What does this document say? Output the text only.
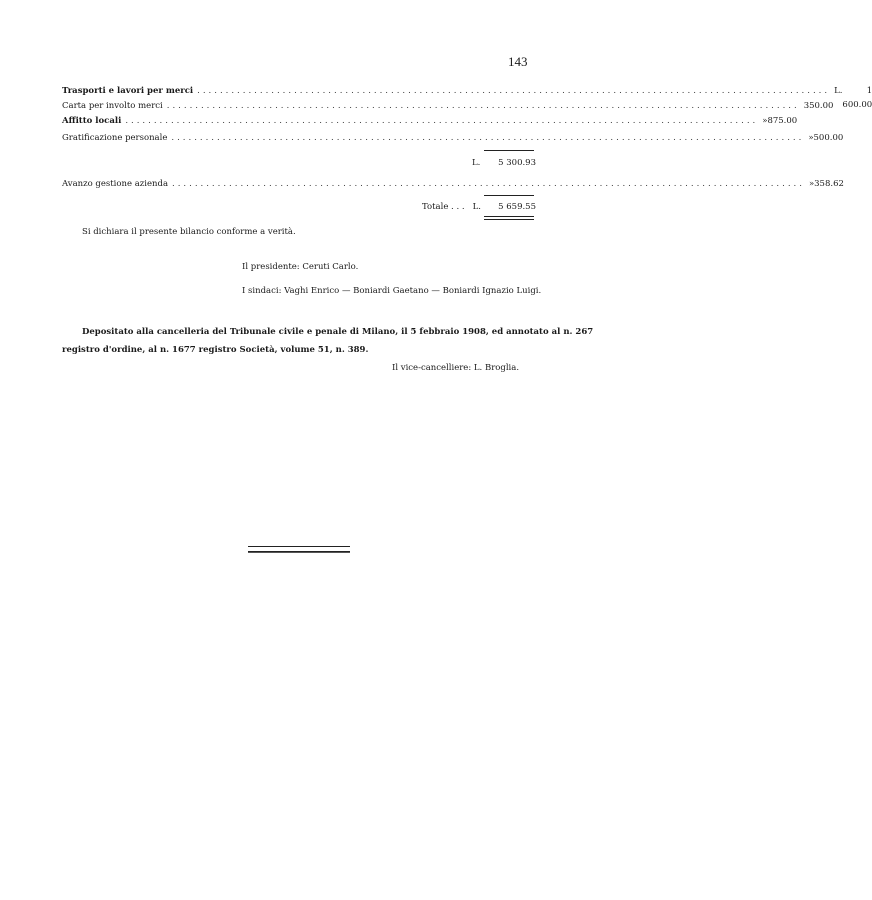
143
Trasporti e lavori per merci ............................................................................................................... L.	1 600.00
Carta per involto merci ............................................................................................................... 350.00
Affitto locali ............................................................................................................... » 875.00
Gratificazione personale ............................................................................................................... » 500.00
L.	5 300.93
Avanzo gestione azienda ............................................................................................................... » 358.62
Totale . . . L.	5 659.55
Si dichiara il presente bilancio conforme a verità.
Il presidente: Ceruti Carlo.
I sindaci: Vaghi Enrico — Boniardi Gaetano — Boniardi Ignazio Luigi.
Depositato alla cancelleria del Tribunale civile e penale di Milano, il 5 febbraio 1908, ed annotato al n. 267
registro d'ordine, al n. 1677 registro Società, volume 51, n. 389.
Il vice-cancelliere: L. Broglia.
